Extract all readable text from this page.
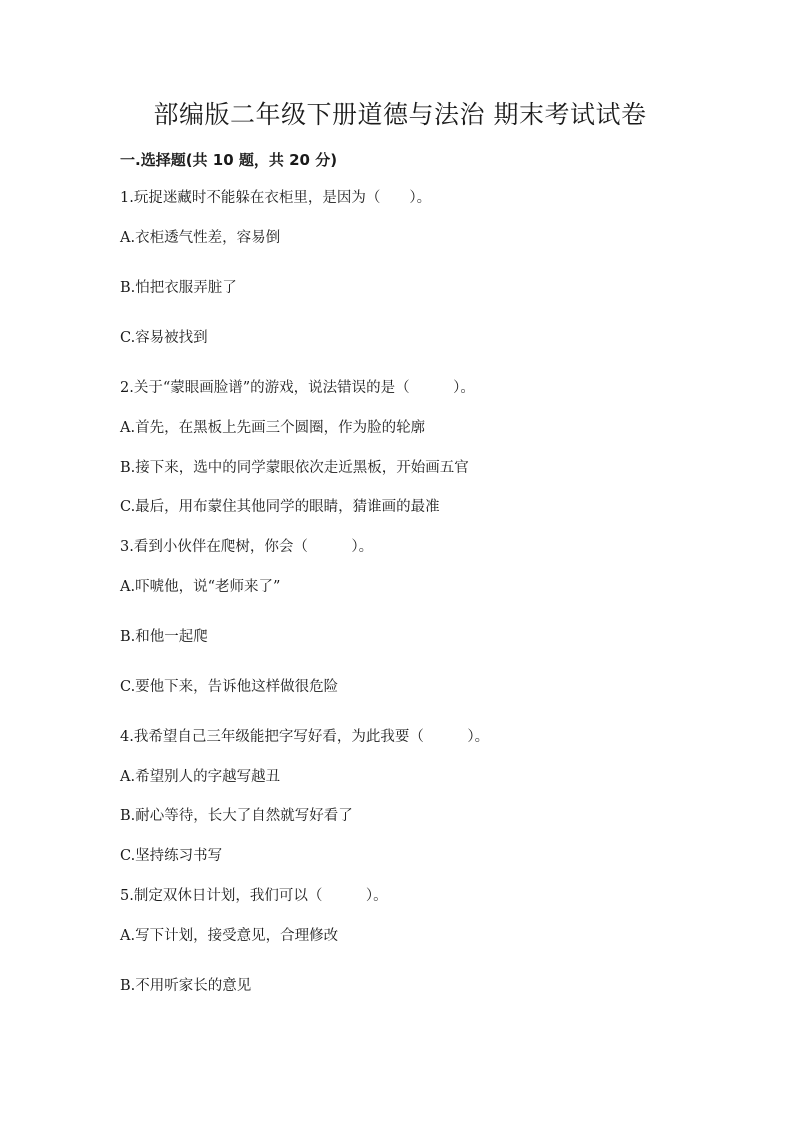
部编版二年级下册道德与法治 期末考试试卷
一.选择题(共 10 题，共 20 分)
1.玩捉迷藏时不能躲在衣柜里，是因为（　　）。
A.衣柜透气性差，容易倒
B.怕把衣服弄脏了
C.容易被找到
2.关于“蒙眼画脸谱”的游戏，说法错误的是（　　　）。
A.首先，在黑板上先画三个圆圈，作为脸的轮廓
B.接下来，选中的同学蒙眼依次走近黑板，开始画五官
C.最后，用布蒙住其他同学的眼睛，猜谁画的最准
3.看到小伙伴在爬树，你会（　　　）。
A.吓唬他，说“老师来了”
B.和他一起爬
C.要他下来，告诉他这样做很危险
4.我希望自己三年级能把字写好看，为此我要（　　　）。
A.希望别人的字越写越丑
B.耐心等待，长大了自然就写好看了
C.坚持练习书写
5.制定双休日计划，我们可以（　　　）。
A.写下计划，接受意见，合理修改
B.不用听家长的意见
